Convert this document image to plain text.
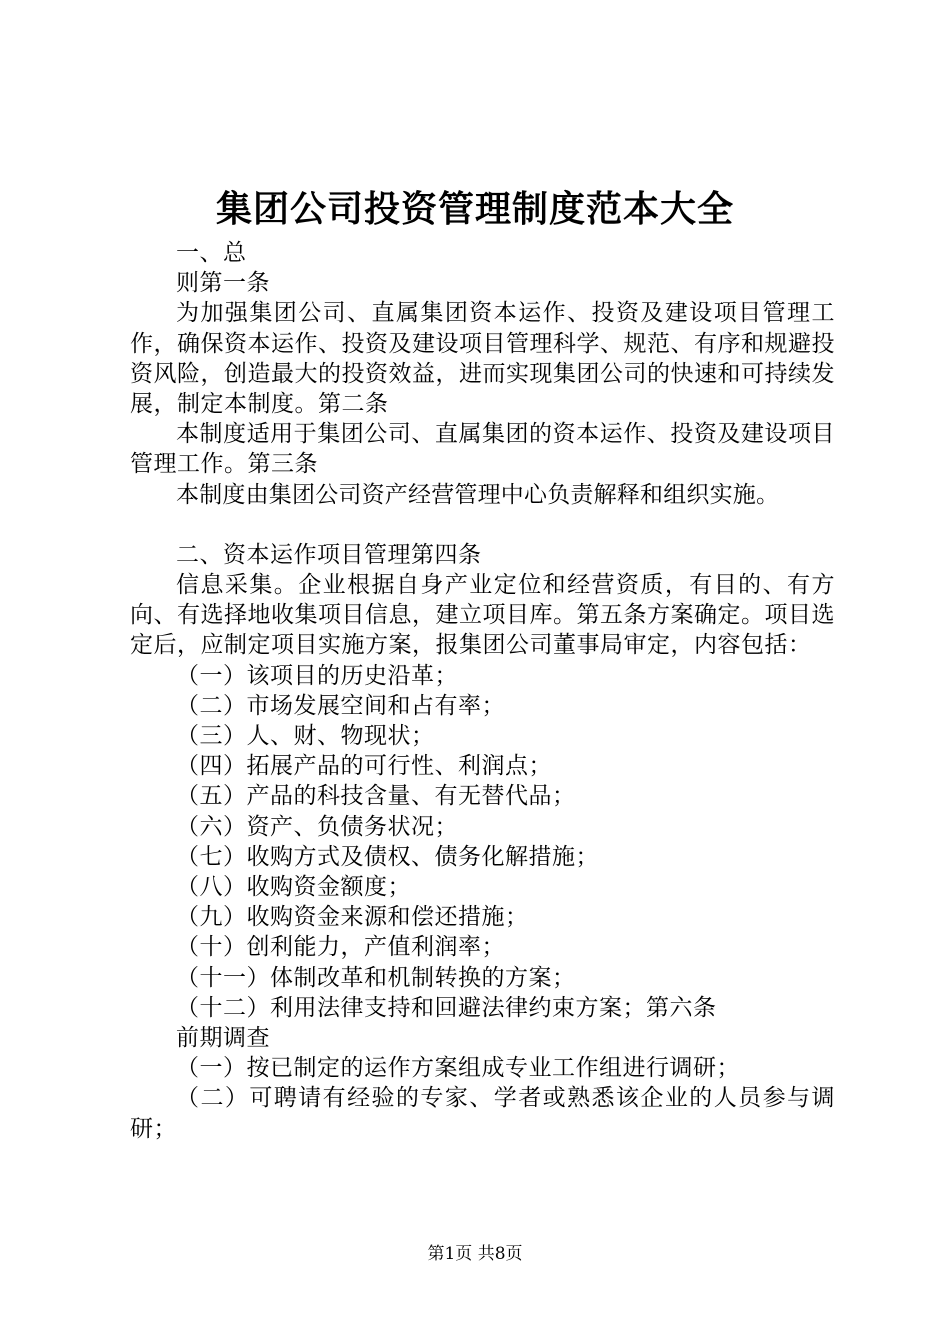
集团公司投资管理制度范本大全

一、总

则第一条

为加强集团公司、直属集团资本运作、投资及建设项目管理工作，确保资本运作、投资及建设项目管理科学、规范、有序和规避投资风险，创造最大的投资效益，进而实现集团公司的快速和可持续发展，制定本制度。第二条

本制度适用于集团公司、直属集团的资本运作、投资及建设项目管理工作。第三条

本制度由集团公司资产经营管理中心负责解释和组织实施。

二、资本运作项目管理第四条

信息采集。企业根据自身产业定位和经营资质，有目的、有方向、有选择地收集项目信息，建立项目库。第五条方案确定。项目选定后，应制定项目实施方案，报集团公司董事局审定，内容包括：

（一）该项目的历史沿革；

（二）市场发展空间和占有率；

（三）人、财、物现状；

（四）拓展产品的可行性、利润点；

（五）产品的科技含量、有无替代品；

（六）资产、负债务状况；

（七）收购方式及债权、债务化解措施；

（八）收购资金额度；

（九）收购资金来源和偿还措施；

（十）创利能力，产值利润率；

（十一）体制改革和机制转换的方案；

（十二）利用法律支持和回避法律约束方案；第六条

前期调查

（一）按已制定的运作方案组成专业工作组进行调研；

（二）可聘请有经验的专家、学者或熟悉该企业的人员参与调研；

第1页 共8页
